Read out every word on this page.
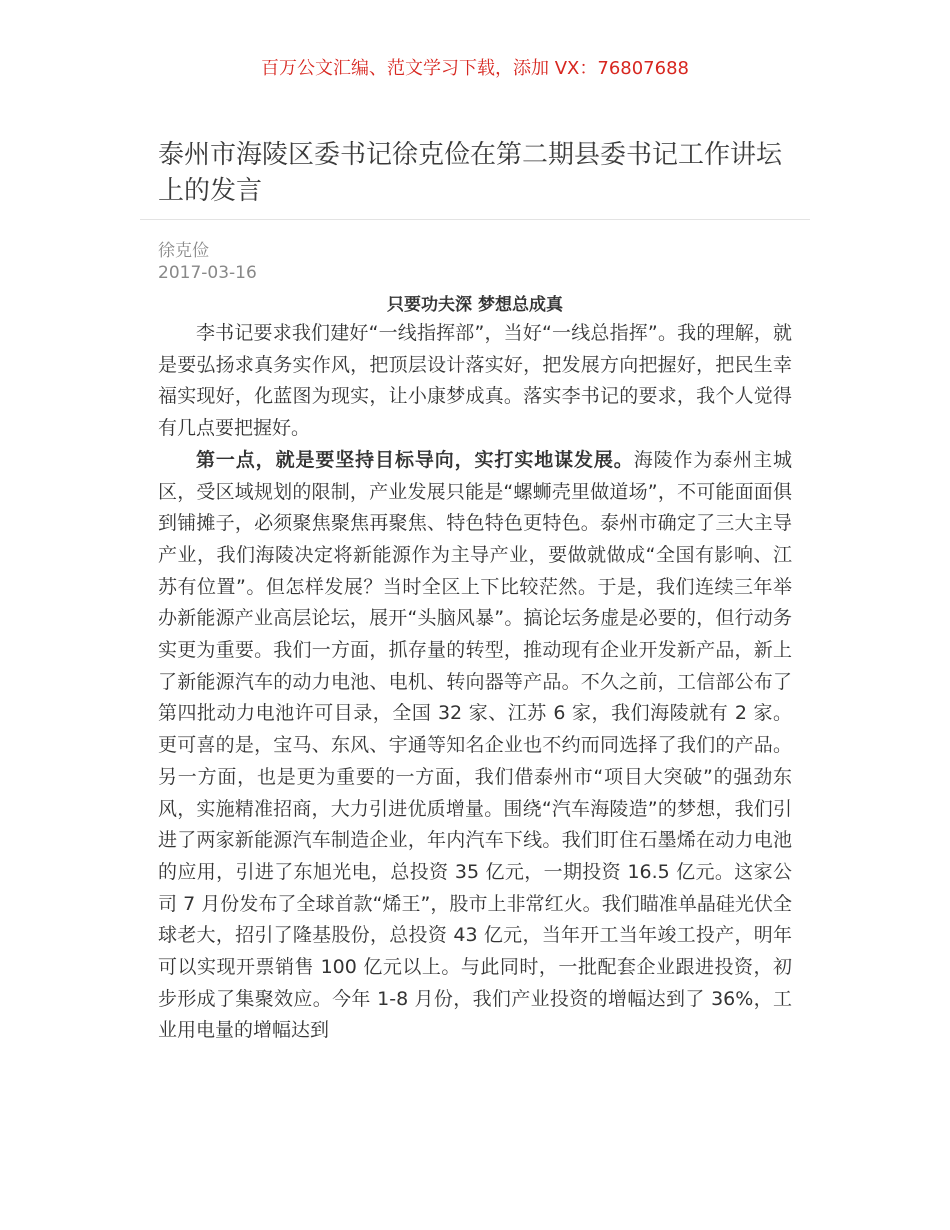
百万公文汇编、范文学习下载，添加 VX：76807688
泰州市海陵区委书记徐克俭在第二期县委书记工作讲坛上的发言
徐克俭
2017-03-16
只要功夫深 梦想总成真

李书记要求我们建好“一线指挥部”，当好“一线总指挥”。我的理解，就是要弘扬求真务实作风，把顶层设计落实好，把发展方向把握好，把民生幸福实现好，化蓝图为现实，让小康梦成真。落实李书记的要求，我个人觉得有几点要把握好。

第一点，就是要坚持目标导向，实打实地谋发展。海陵作为泰州主城区，受区域规划的限制，产业发展只能是“螺蛳壳里做道场”，不可能面面俱到铺摊子，必须聚焦聚焦再聚焦、特色特色更特色。泰州市确定了三大主导产业，我们海陵决定将新能源作为主导产业，要做就做成“全国有影响、江苏有位置”。但怎样发展？当时全区上下比较茫然。于是，我们连续三年举办新能源产业高层论坛，展开“头脑风暴”。搞论坛务虚是必要的，但行动务实更为重要。我们一方面，抓存量的转型，推动现有企业开发新产品，新上了新能源汽车的动力电池、电机、转向器等产品。不久之前，工信部公布了第四批动力电池许可目录，全国 32 家、江苏 6 家，我们海陵就有 2 家。更可喜的是，宝马、东风、宇通等知名企业也不约而同选择了我们的产品。另一方面，也是更为重要的一方面，我们借泰州市“项目大突破”的强劲东风，实施精准招商，大力引进优质增量。围绕“汽车海陵造”的梦想，我们引进了两家新能源汽车制造企业，年内汽车下线。我们盯住石墨烯在动力电池的应用，引进了东旭光电，总投资 35 亿元，一期投资 16.5 亿元。这家公司 7 月份发布了全球首款“烯王”，股市上非常红火。我们瞄准单晶硅光伏全球老大，招引了隆基股份，总投资 43 亿元，当年开工当年竣工投产，明年可以实现开票销售 100 亿元以上。与此同时，一批配套企业跟进投资，初步形成了集聚效应。今年 1-8 月份，我们产业投资的增幅达到了 36%，工业用电量的增幅达到
